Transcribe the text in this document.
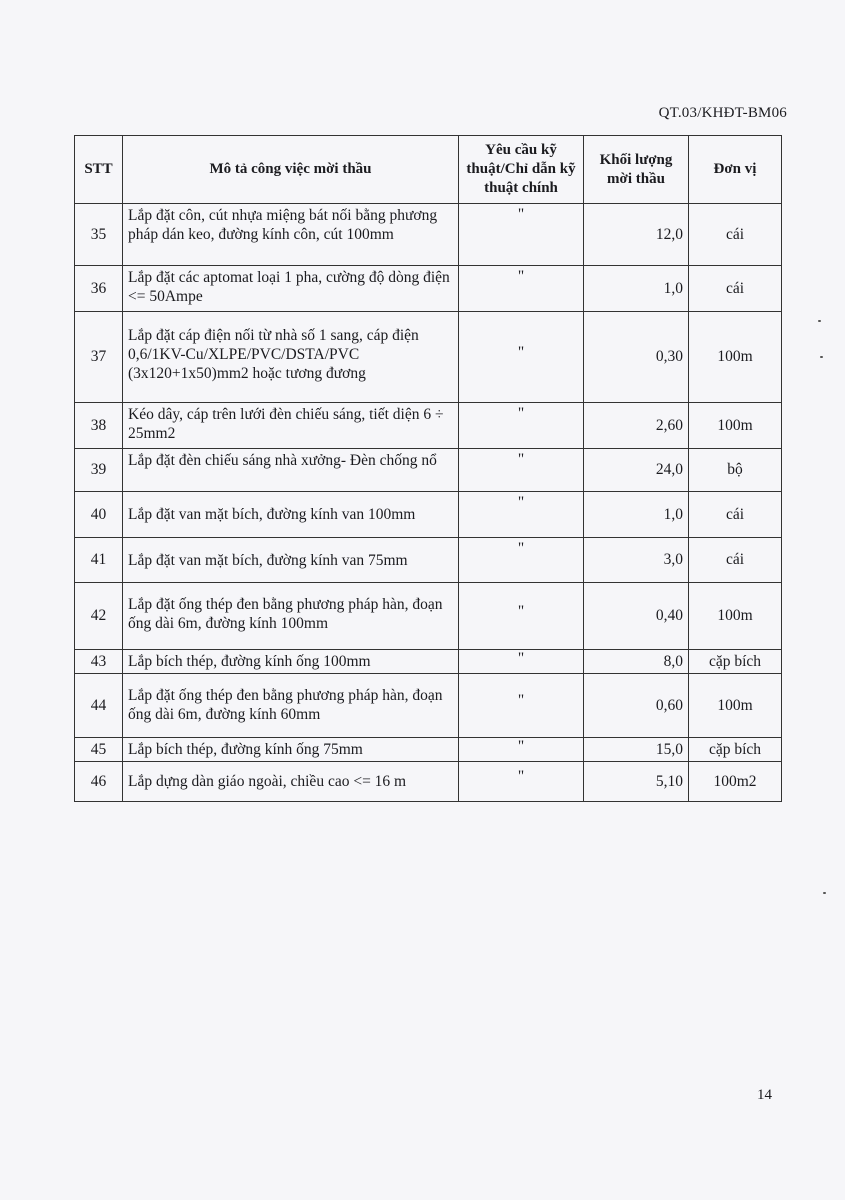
QT.03/KHĐT-BM06
STT	Mô tả công việc mời thầu	Yêu cầu kỹ thuật/Chỉ dẫn kỹ thuật chính	Khối lượng mời thầu	Đơn vị
35	Lắp đặt côn, cút nhựa miệng bát nối bằng phương pháp dán keo, đường kính côn, cút 100mm	"	12,0	cái
36	Lắp đặt các aptomat loại 1 pha, cường độ dòng điện <= 50Ampe	"	1,0	cái
37	Lắp đặt cáp điện nối từ nhà số 1 sang, cáp điện 0,6/1KV-Cu/XLPE/PVC/DSTA/PVC (3x120+1x50)mm2 hoặc tương đương	"	0,30	100m
38	Kéo dây, cáp trên lưới đèn chiếu sáng, tiết diện 6 ÷ 25mm2	"	2,60	100m
39	Lắp đặt đèn chiếu sáng nhà xưởng- Đèn chống nổ	"	24,0	bộ
40	Lắp đặt van mặt bích, đường kính van 100mm	"	1,0	cái
41	Lắp đặt van mặt bích, đường kính van 75mm	"	3,0	cái
42	Lắp đặt ống thép đen bằng phương pháp hàn, đoạn ống dài 6m, đường kính 100mm	"	0,40	100m
43	Lắp bích thép, đường kính ống 100mm	"	8,0	cặp bích
44	Lắp đặt ống thép đen bằng phương pháp hàn, đoạn ống dài 6m, đường kính 60mm	"	0,60	100m
45	Lắp bích thép, đường kính ống 75mm	"	15,0	cặp bích
46	Lắp dựng dàn giáo ngoài, chiều cao <= 16 m	"	5,10	100m2
14
